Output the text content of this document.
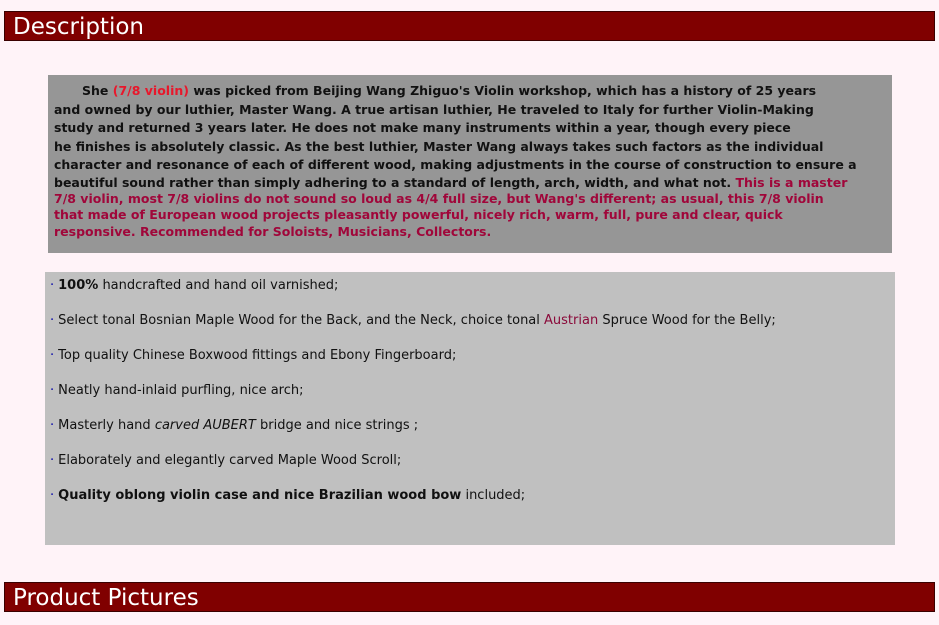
Description
She (7/8 violin) was picked from Beijing Wang Zhiguo's Violin workshop, which has a history of 25 years
and owned by our luthier, Master Wang. A true artisan luthier, He traveled to Italy for further Violin-Making
study and returned 3 years later. He does not make many instruments within a year, though every piece
he finishes is absolutely classic. As the best luthier, Master Wang always takes such factors as the individual
character and resonance of each of different wood, making adjustments in the course of construction to ensure a
beautiful sound rather than simply adhering to a standard of length, arch, width, and what not. This is a master
7/8 violin, most 7/8 violins do not sound so loud as 4/4 full size, but Wang's different; as usual, this 7/8 violin
that made of European wood projects pleasantly powerful, nicely rich, warm, full, pure and clear, quick
responsive. Recommended for Soloists, Musicians, Collectors.
· 100% handcrafted and hand oil varnished;
· Select tonal Bosnian Maple Wood for the Back, and the Neck, choice tonal Austrian Spruce Wood for the Belly;
· Top quality Chinese Boxwood fittings and Ebony Fingerboard;
· Neatly hand-inlaid purfling, nice arch;
· Masterly hand carved AUBERT bridge and nice strings ;
· Elaborately and elegantly carved Maple Wood Scroll;
· Quality oblong violin case and nice Brazilian wood bow included;
Product Pictures
